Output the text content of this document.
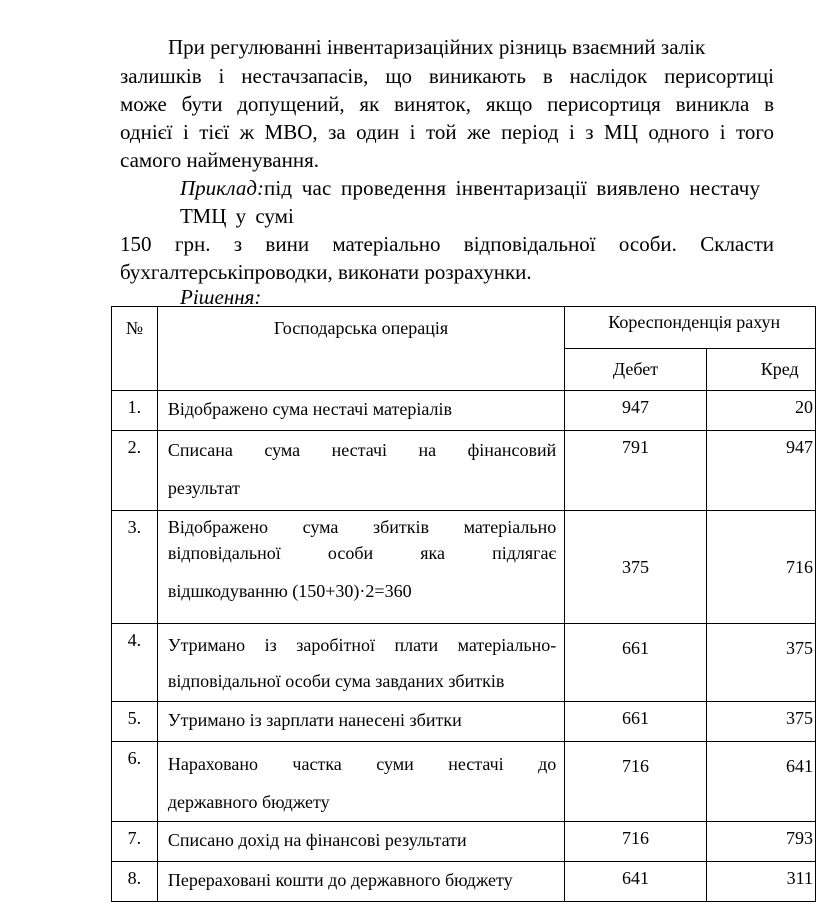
При регулюванні інвентаризаційних різниць взаємний залік

залишків і нестачзапасів, що виникають в наслідок перисортиці

може бути допущений, як виняток, якщо перисортиця виникла в

однієї і тієї ж МВО, за один і той же період і з МЦ одного і того

самого найменування.

Приклад:під час проведення інвентаризації виявлено нестачу

ТМЦ у сумі

150 грн. з вини матеріально відповідальної особи. Скласти

бухгалтерськіпроводки, виконати розрахунки.

Рішення:

№	Господарська операція	Кореспонденція рахун	
		Дебет	Кред
1.	Відображено сума нестачі матеріалів	947	20
2.	Списана сума нестачі на фінансовий
результат	791	947
3.	Відображено сума збитків матеріально
відповідальної особи яка підлягає
відшкодуванню (150+30)·2=360	375	716
4.	Утримано із заробітної плати матеріально-
відповідальної особи сума завданих збитків	661	375
5.	Утримано із зарплати нанесені збитки	661	375
6.	Нараховано частка суми нестачі до
державного бюджету	716	641
7.	Списано дохід на фінансові результати	716	793
8.	Перераховані кошти до державного бюджету	641	311
